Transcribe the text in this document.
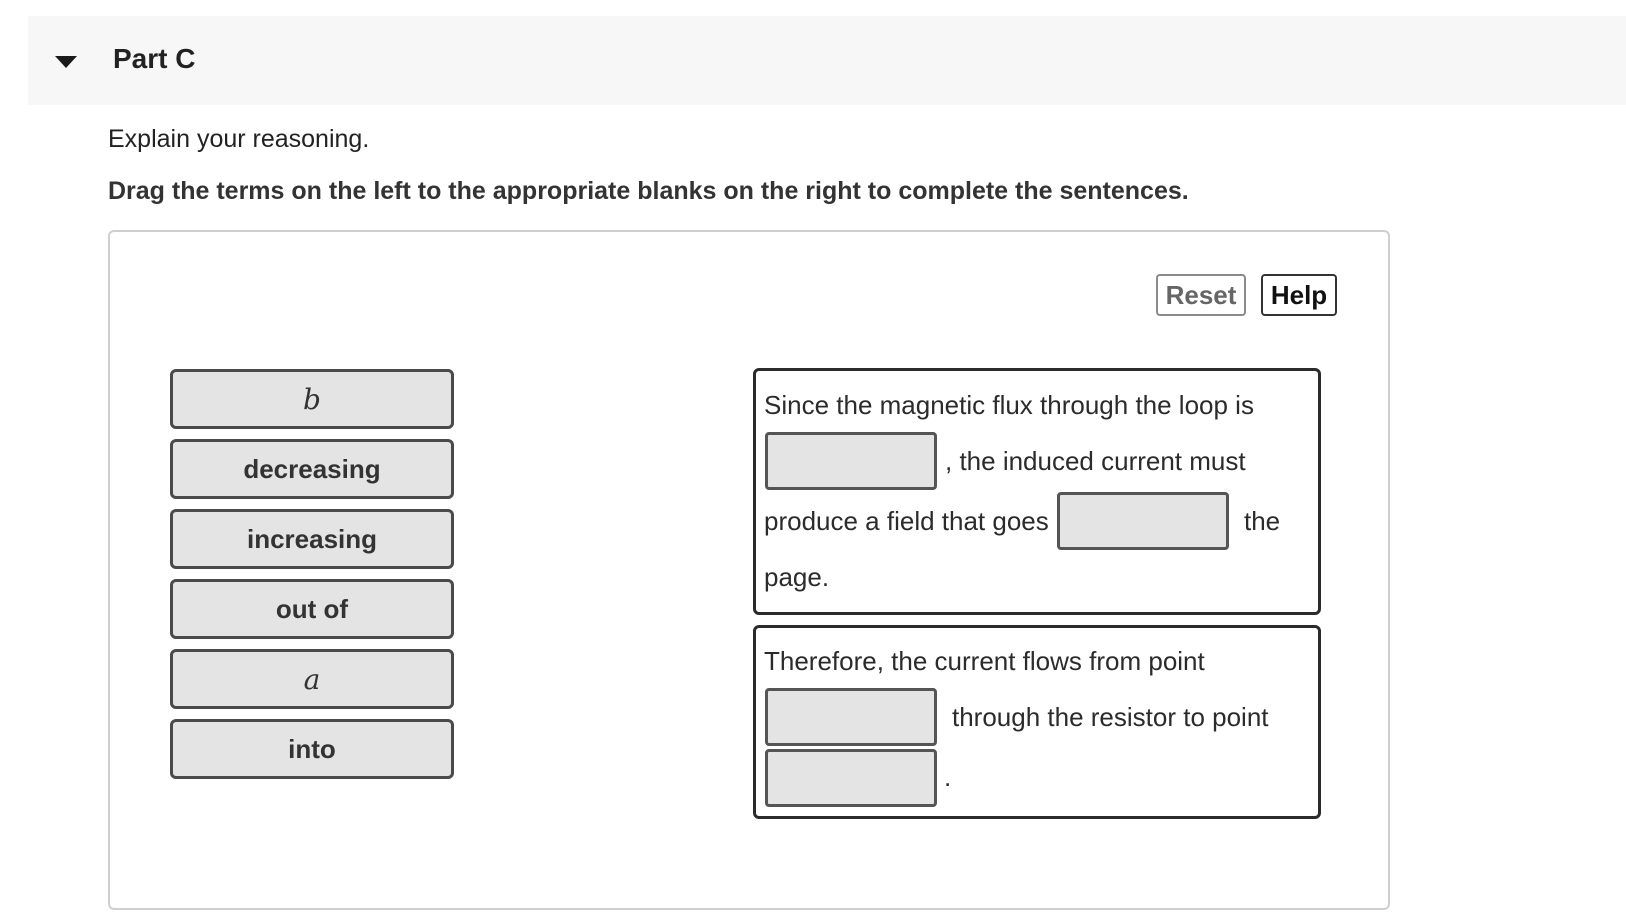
Part C
Explain your reasoning.
Drag the terms on the left to the appropriate blanks on the right to complete the sentences.
Reset	Help
b
decreasing
increasing
out of
a
into
Since the magnetic flux through the loop is
, the induced current must
produce a field that goes	the
page.
Therefore, the current flows from point
through the resistor to point
.
